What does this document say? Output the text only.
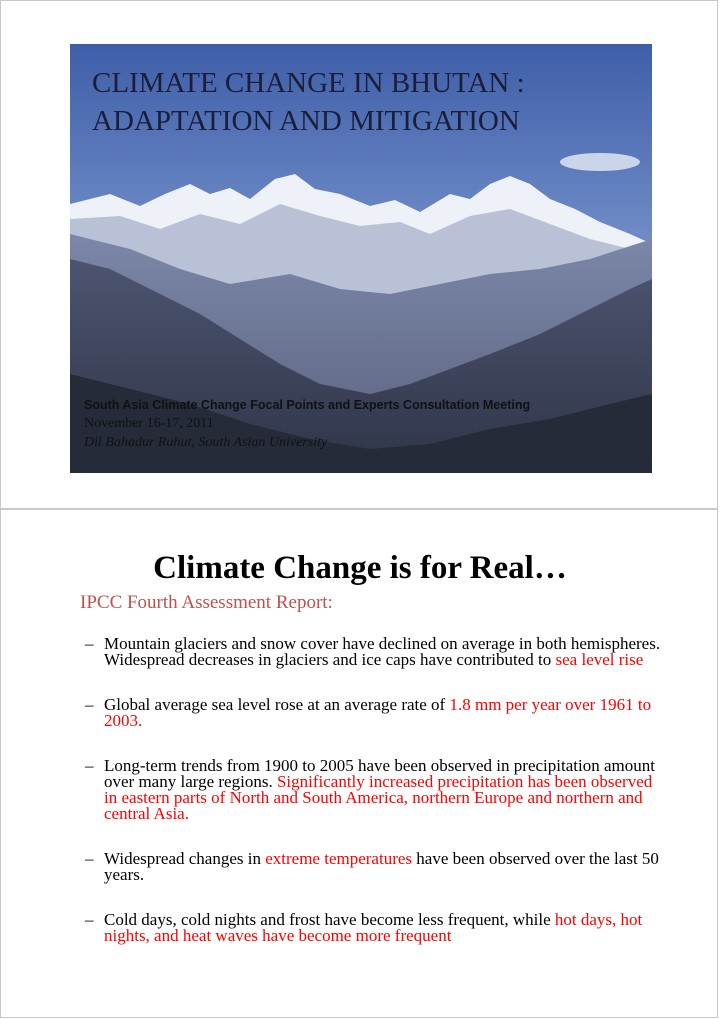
CLIMATE CHANGE IN BHUTAN :
ADAPTATION AND MITIGATION
South Asia Climate Change Focal Points and Experts Consultation Meeting
November 16-17, 2011
Dil Bahadur Rahut, South Asian University
Climate Change is for Real…
IPCC Fourth Assessment Report:
– Mountain glaciers and snow cover have declined on average in both hemispheres. Widespread decreases in glaciers and ice caps have contributed to sea level rise
– Global average sea level rose at an average rate of 1.8 mm per year over 1961 to 2003.
– Long-term trends from 1900 to 2005 have been observed in precipitation amount over many large regions. Significantly increased precipitation has been observed in eastern parts of North and South America, northern Europe and northern and central Asia.
– Widespread changes in extreme temperatures have been observed over the last 50 years.
– Cold days, cold nights and frost have become less frequent, while hot days, hot nights, and heat waves have become more frequent
